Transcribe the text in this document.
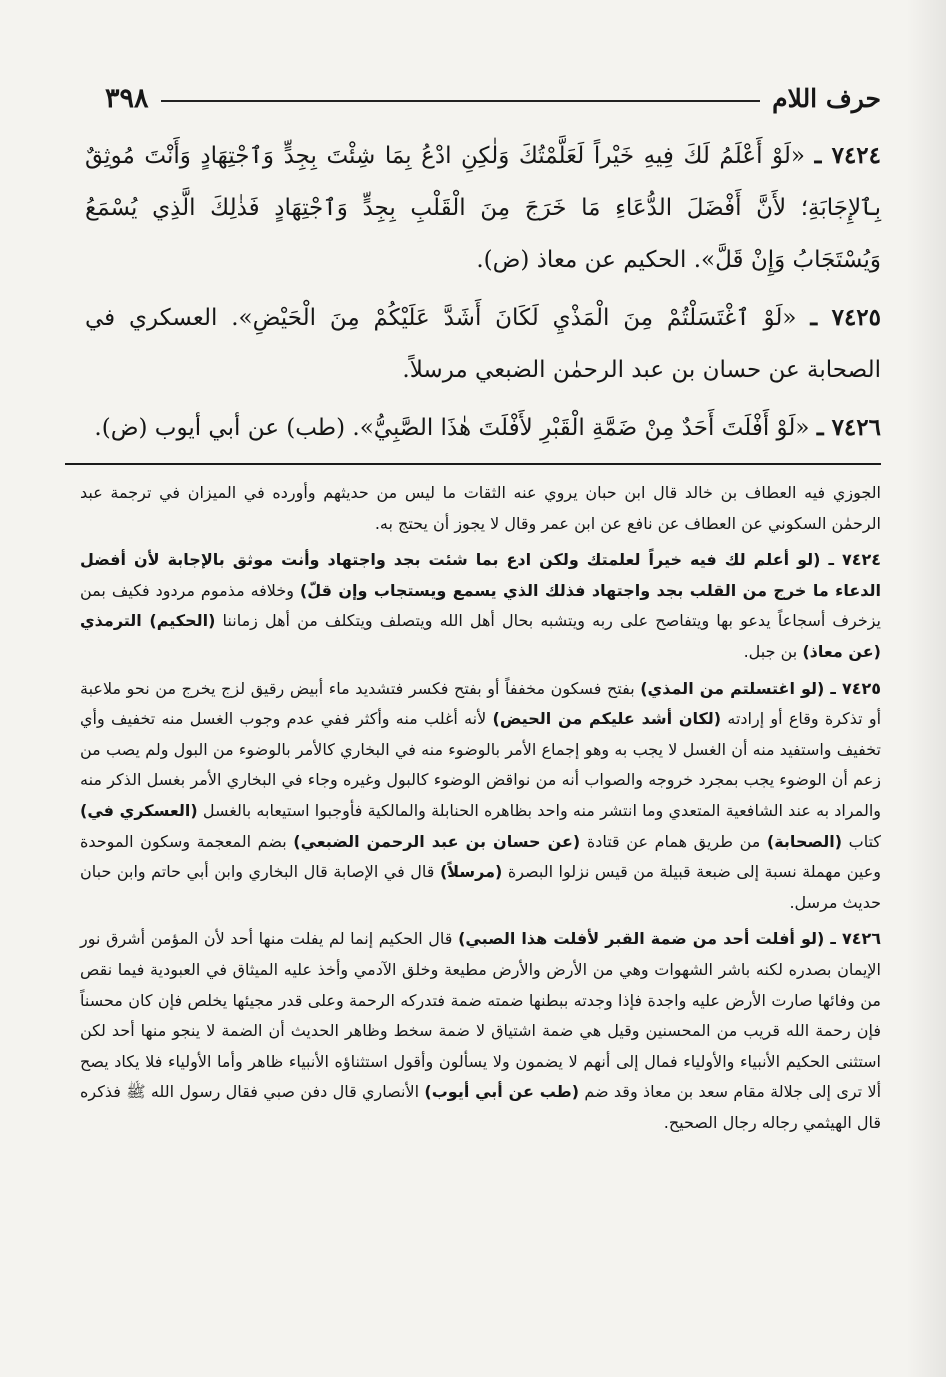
٣٩٨	حرف اللام

٧٤٢٤ ـ «لَوْ أَعْلَمُ لَكَ فِيهِ خَيْراً لَعَلَّمْتُكَ وَلٰكِنِ ادْعُ بِمَا شِئْتَ بِجِدٍّ وَٱجْتِهَادٍ وَأَنْتَ مُوثِقٌ بِٱلإِجَابَةِ؛ لأَنَّ أَفْضَلَ الدُّعَاءِ مَا خَرَجَ مِنَ الْقَلْبِ بِجِدٍّ وَٱجْتِهَادٍ فَذٰلِكَ الَّذِي يُسْمَعُ وَيُسْتَجَابُ وَإِنْ قَلَّ». الحكيم عن معاذ (ض).

٧٤٢٥ ـ «لَوْ ٱغْتَسَلْتُمْ مِنَ الْمَذْيِ لَكَانَ أَشَدَّ عَلَيْكُمْ مِنَ الْحَيْضِ». العسكري في الصحابة عن حسان بن عبد الرحمٰن الضبعي مرسلاً.

٧٤٢٦ ـ «لَوْ أَفْلَتَ أَحَدٌ مِنْ ضَمَّةِ الْقَبْرِ لأَفْلَتَ هٰذَا الصَّبِيُّ». (طب) عن أبي أيوب (ض).

الجوزي فيه العطاف بن خالد قال ابن حبان يروي عنه الثقات ما ليس من حديثهم وأورده في الميزان في ترجمة عبد الرحمٰن السكوني عن العطاف عن نافع عن ابن عمر وقال لا يجوز أن يحتج به.

٧٤٢٤ ـ (لو أعلم لك فيه خيراً لعلمتك ولكن ادع بما شئت بجد واجتهاد وأنت موثق بالإجابة لأن أفضل الدعاء ما خرج من القلب بجد واجتهاد فذلك الذي يسمع ويستجاب وإن قلّ) وخلافه مذموم مردود فكيف بمن يزخرف أسجاعاً يدعو بها ويتفاصح على ربه ويتشبه بحال أهل الله ويتصلف ويتكلف من أهل زماننا (الحكيم) الترمذي (عن معاذ) بن جبل.

٧٤٢٥ ـ (لو اغتسلتم من المذي) بفتح فسكون مخففاً أو بفتح فكسر فتشديد ماء أبيض رقيق لزج يخرج من نحو ملاعبة أو تذكرة وقاع أو إرادته (لكان أشد عليكم من الحيض) لأنه أغلب منه وأكثر ففي عدم وجوب الغسل منه تخفيف وأي تخفيف واستفيد منه أن الغسل لا يجب به وهو إجماع الأمر بالوضوء منه في البخاري كالأمر بالوضوء من البول ولم يصب من زعم أن الوضوء يجب بمجرد خروجه والصواب أنه من نواقض الوضوء كالبول وغيره وجاء في البخاري الأمر بغسل الذكر منه والمراد به عند الشافعية المتعدي وما انتشر منه واحد بظاهره الحنابلة والمالكية فأوجبوا استيعابه بالغسل (العسكري في) كتاب (الصحابة) من طريق همام عن قتادة (عن حسان بن عبد الرحمن الضبعي) بضم المعجمة وسكون الموحدة وعين مهملة نسبة إلى ضبعة قبيلة من قيس نزلوا البصرة (مرسلاً) قال في الإصابة قال البخاري وابن أبي حاتم وابن حبان حديث مرسل.

٧٤٢٦ ـ (لو أفلت أحد من ضمة القبر لأفلت هذا الصبي) قال الحكيم إنما لم يفلت منها أحد لأن المؤمن أشرق نور الإيمان بصدره لكنه باشر الشهوات وهي من الأرض والأرض مطيعة وخلق الآدمي وأخذ عليه الميثاق في العبودية فيما نقص من وفائها صارت الأرض عليه واجدة فإذا وجدته ببطنها ضمته ضمة فتدركه الرحمة وعلى قدر مجيئها يخلص فإن كان محسناً فإن رحمة الله قريب من المحسنين وقيل هي ضمة اشتياق لا ضمة سخط وظاهر الحديث أن الضمة لا ينجو منها أحد لكن استثنى الحكيم الأنبياء والأولياء فمال إلى أنهم لا يضمون ولا يسألون وأقول استثناؤه الأنبياء ظاهر وأما الأولياء فلا يكاد يصح ألا ترى إلى جلالة مقام سعد بن معاذ وقد ضم (طب عن أبي أيوب) الأنصاري قال دفن صبي فقال رسول الله ﷺ فذكره قال الهيثمي رجاله رجال الصحيح.
